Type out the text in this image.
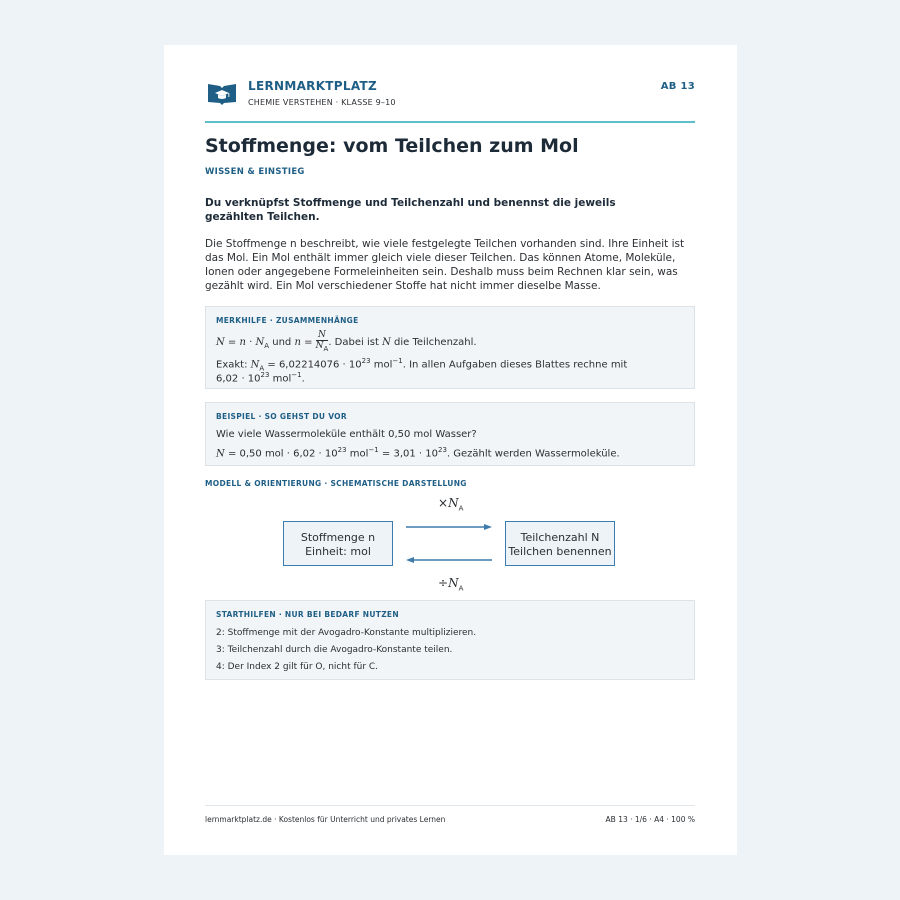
LERNMARKTPLATZ
CHEMIE VERSTEHEN · KLASSE 9–10
AB 13
Stoffmenge: vom Teilchen zum Mol
WISSEN & EINSTIEG
Du verknüpfst Stoffmenge und Teilchenzahl und benennst die jeweils gezählten Teilchen.
Die Stoffmenge n beschreibt, wie viele festgelegte Teilchen vorhanden sind. Ihre Einheit ist das Mol. Ein Mol enthält immer gleich viele dieser Teilchen. Das können Atome, Moleküle, Ionen oder angegebene Formeleinheiten sein. Deshalb muss beim Rechnen klar sein, was gezählt wird. Ein Mol verschiedener Stoffe hat nicht immer dieselbe Masse.
MERKHILFE · ZUSAMMENHÄNGE
$N = n \cdot N_A$ und $n = \frac{N}{N_A}$ . Dabei ist N die Teilchenzahl.
Exakt: $N_A = 6,02214076 \cdot 10^{23}$ mol$^{-1}$. In allen Aufgaben dieses Blattes rechne mit
$6,02 \cdot 10^{23}$ mol$^{-1}$.
BEISPIEL · SO GEHST DU VOR
Wie viele Wassermoleküle enthält 0,50 mol Wasser?
N = 0,50 mol · $6,02 \cdot 10^{23}$ $mol^{-1} = 3,01 \cdot 10^{23}$. Gezählt werden Wassermoleküle.
MODELL & ORIENTIERUNG · SCHEMATISCHE DARSTELLUNG
$\times N_A$
Stoffmenge n
Einheit: mol
Teilchenzahl N
Teilchen benennen
$\div N_A$
STARTHILFEN · NUR BEI BEDARF NUTZEN
2: Stoffmenge mit der Avogadro-Konstante multiplizieren.
3: Teilchenzahl durch die Avogadro-Konstante teilen.
4: Der Index 2 gilt für O, nicht für C.
lernmarktplatz.de · Kostenlos für Unterricht und privates Lernen	AB 13 · 1/6 · A4 · 100 %
